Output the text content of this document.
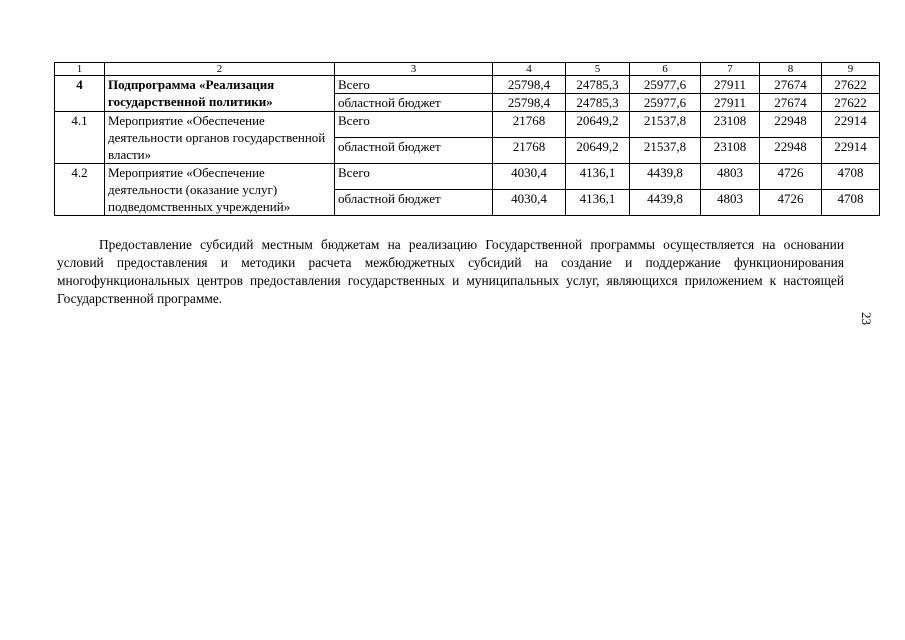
1	2	3	4	5	6	7	8	9
4	Подпрограмма «Реализация государственной политики»	Всего	25798,4	24785,3	25977,6	27911	27674	27622
		областной бюджет	25798,4	24785,3	25977,6	27911	27674	27622
4.1	Мероприятие «Обеспечение деятельности органов государственной власти»	Всего	21768	20649,2	21537,8	23108	22948	22914
		областной бюджет	21768	20649,2	21537,8	23108	22948	22914
4.2	Мероприятие «Обеспечение деятельности (оказание услуг) подведомственных учреждений»	Всего	4030,4	4136,1	4439,8	4803	4726	4708
		областной бюджет	4030,4	4136,1	4439,8	4803	4726	4708

Предоставление субсидий местным бюджетам на реализацию Государственной программы осуществляется на основании условий предоставления и методики расчета межбюджетных субсидий на создание и поддержание функционирования многофункциональных центров предоставления государственных и муниципальных услуг, являющихся приложением к настоящей Государственной программе.

23
